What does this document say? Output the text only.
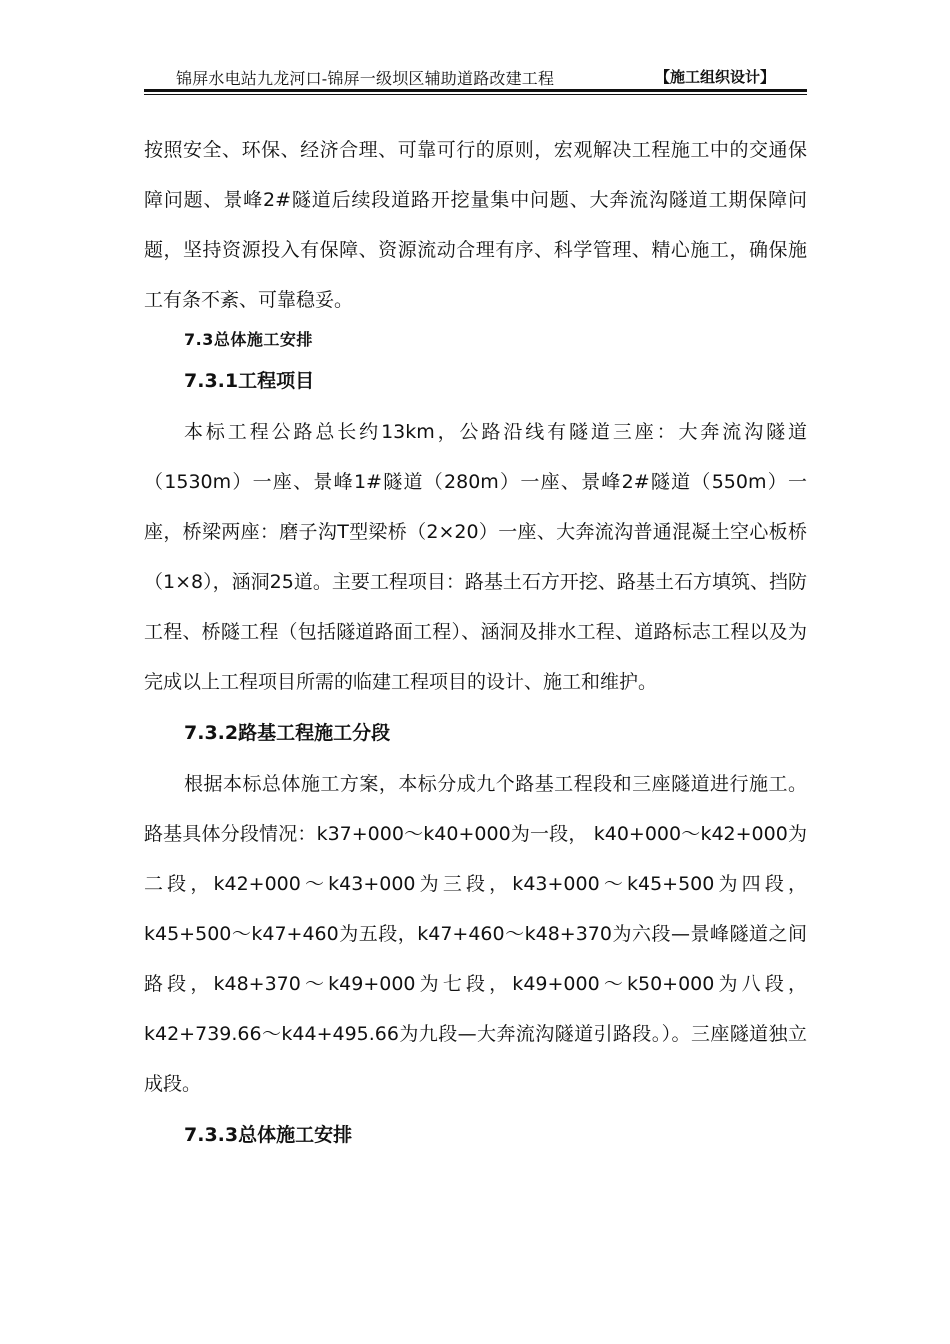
锦屏水电站九龙河口-锦屏一级坝区辅助道路改建工程	【施工组织设计】

按照安全、环保、经济合理、可靠可行的原则，宏观解决工程施工中的交通保障问题、景峰2#隧道后续段道路开挖量集中问题、大奔流沟隧道工期保障问题，坚持资源投入有保障、资源流动合理有序、科学管理、精心施工，确保施工有条不紊、可靠稳妥。

7.3总体施工安排
7.3.1工程项目

本标工程公路总长约13km，公路沿线有隧道三座：大奔流沟隧道（1530m）一座、景峰1#隧道（280m）一座、景峰2#隧道（550m）一座，桥梁两座：磨子沟T型梁桥（2×20）一座、大奔流沟普通混凝土空心板桥（1×8），涵洞25道。主要工程项目：路基土石方开挖、路基土石方填筑、挡防工程、桥隧工程（包括隧道路面工程）、涵洞及排水工程、道路标志工程以及为完成以上工程项目所需的临建工程项目的设计、施工和维护。

7.3.2路基工程施工分段

根据本标总体施工方案，本标分成九个路基工程段和三座隧道进行施工。路基具体分段情况：k37+000～k40+000为一段， k40+000～k42+000为二段，k42+000～k43+000为三段，k43+000～k45+500为四段，k45+500～k47+460为五段，k47+460～k48+370为六段—景峰隧道之间路段，k48+370～k49+000为七段，k49+000～k50+000为八段，k42+739.66～k44+495.66为九段—大奔流沟隧道引路段。）。三座隧道独立成段。

7.3.3总体施工安排
